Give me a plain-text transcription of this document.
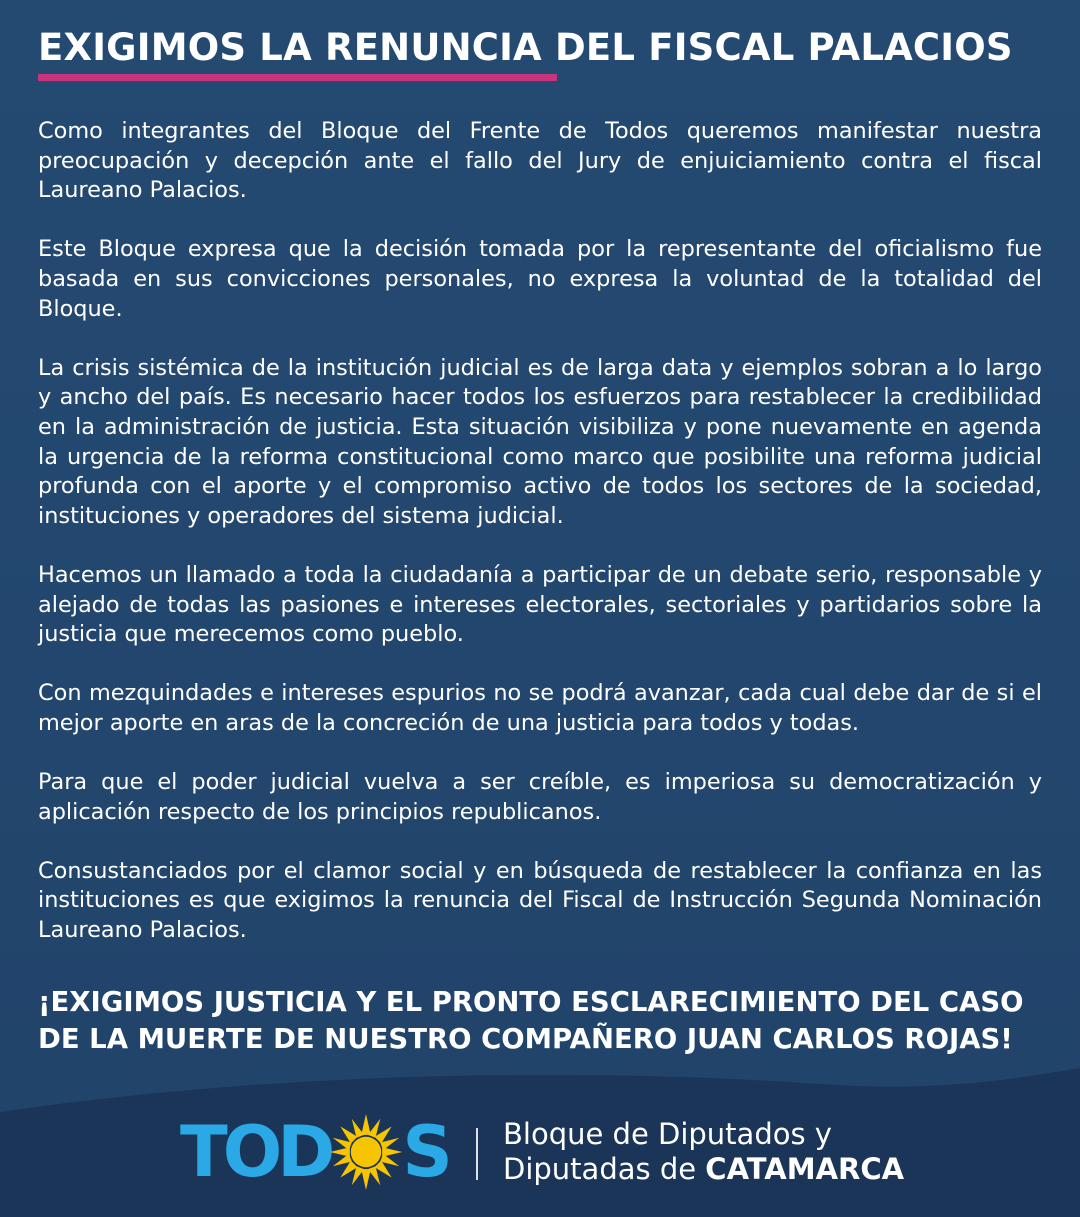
EXIGIMOS LA RENUNCIA DEL FISCAL PALACIOS

Como integrantes del Bloque del Frente de Todos queremos manifestar nuestra preocupación y decepción ante el fallo del Jury de enjuiciamiento contra el fiscal Laureano Palacios.

Este Bloque expresa que la decisión tomada por la representante del oficialismo fue basada en sus convicciones personales, no expresa la voluntad de la totalidad del Bloque.

La crisis sistémica de la institución judicial es de larga data y ejemplos sobran a lo largo y ancho del país. Es necesario hacer todos los esfuerzos para restablecer la credibilidad en la administración de justicia. Esta situación visibiliza y pone nuevamente en agenda la urgencia de la reforma constitucional como marco que posibilite una reforma judicial profunda con el aporte y el compromiso activo de todos los sectores de la sociedad, instituciones y operadores del sistema judicial.

Hacemos un llamado a toda la ciudadanía a participar de un debate serio, responsable y alejado de todas las pasiones e intereses electorales, sectoriales y partidarios sobre la justicia que merecemos como pueblo.

Con mezquindades e intereses espurios no se podrá avanzar, cada cual debe dar de si el mejor aporte en aras de la concreción de una justicia para todos y todas.

Para que el poder judicial vuelva a ser creíble, es imperiosa su democratización y aplicación respecto de los principios republicanos.

Consustanciados por el clamor social y en búsqueda de restablecer la confianza en las instituciones es que exigimos la renuncia del Fiscal de Instrucción Segunda Nominación Laureano Palacios.

¡EXIGIMOS JUSTICIA Y EL PRONTO ESCLARECIMIENTO DEL CASO
DE LA MUERTE DE NUESTRO COMPAÑERO JUAN CARLOS ROJAS!
TOD S Bloque de Diputados y
Diputadas de CATAMARCA
